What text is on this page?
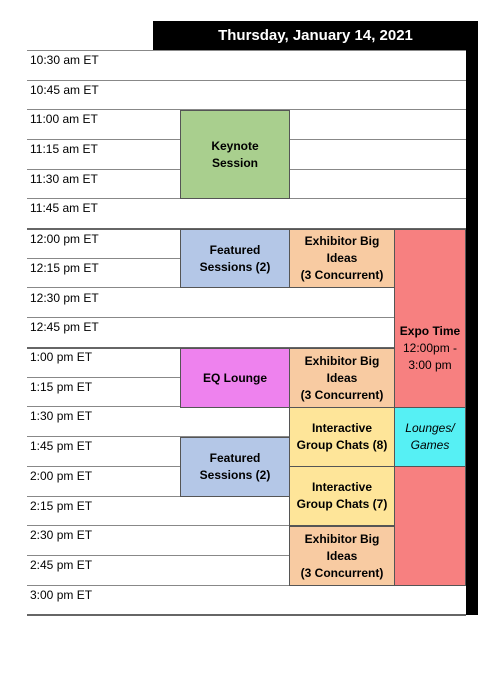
Thursday, January 14, 2021
10:30 am ET
10:45 am ET
11:00 am ET
11:15 am ET
11:30 am ET
11:45 am ET
12:00 pm ET
12:15 pm ET
12:30 pm ET
12:45 pm ET
1:00 pm ET
1:15 pm ET
1:30 pm ET
1:45 pm ET
2:00 pm ET
2:15 pm ET
2:30 pm ET
2:45 pm ET
3:00 pm ET
Keynote
Session
Featured
Sessions (2)
Exhibitor Big
Ideas
(3 Concurrent)
Expo Time
12:00pm -
3:00 pm
EQ Lounge
Exhibitor Big
Ideas
(3 Concurrent)
Interactive
Group Chats (8)
Lounges/
Games
Featured
Sessions (2)
Interactive
Group Chats (7)
Exhibitor Big
Ideas
(3 Concurrent)
